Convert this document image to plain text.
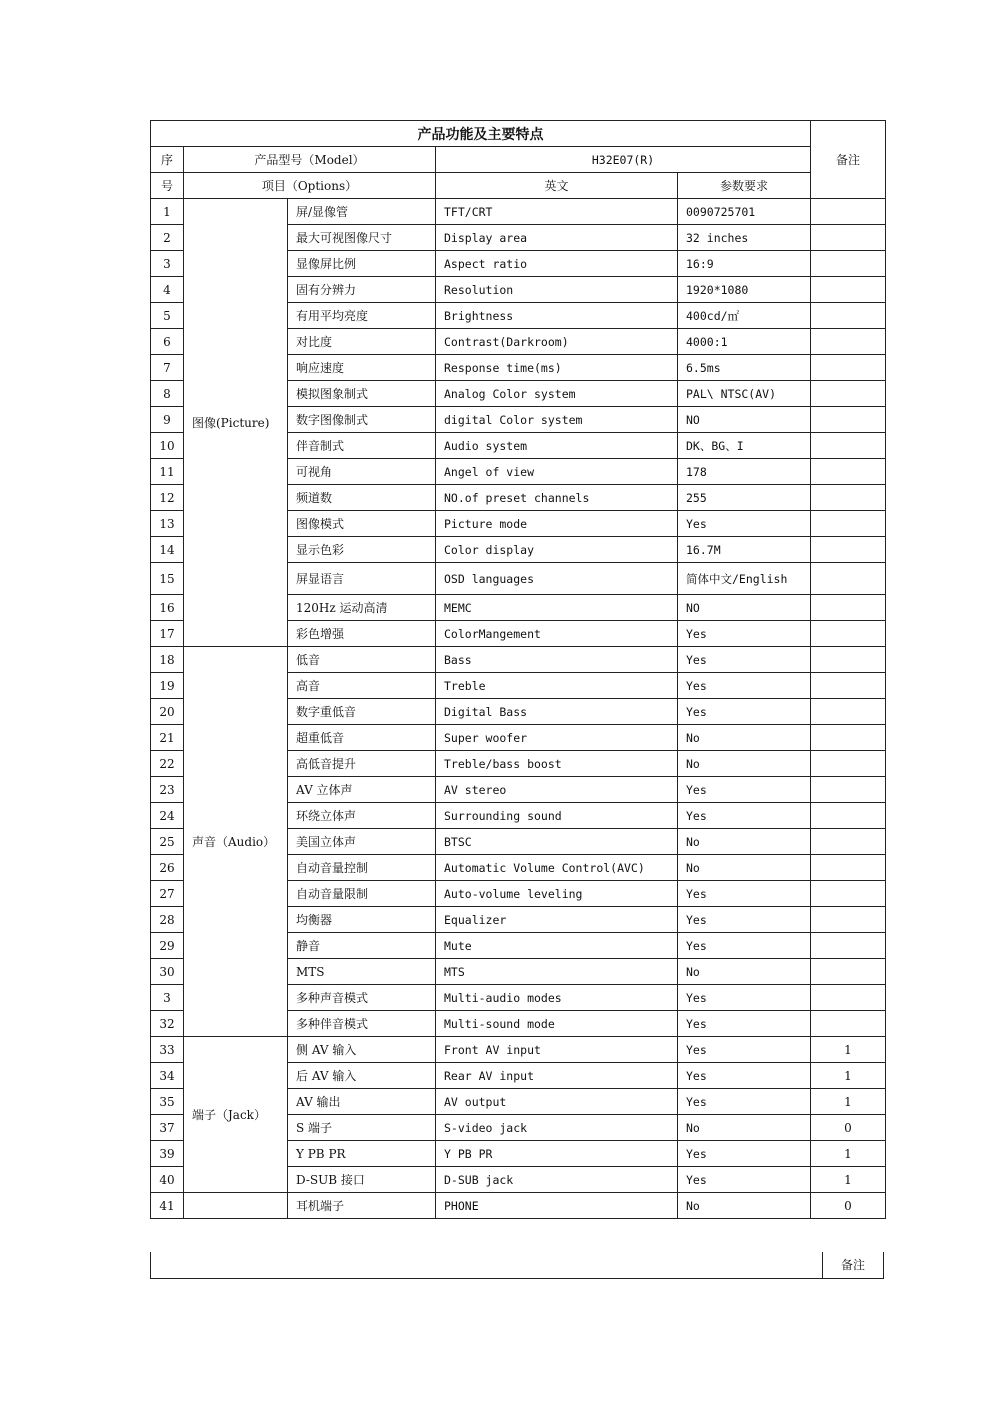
产品功能及主要特点					备注
序	产品型号（Model）		H32E07(R)		
号	项目（Options）		英文	参数要求	
1	图像(Picture)	屏/显像管	TFT/CRT	0090725701	
2		最大可视图像尺寸	Display area	32 inches	
3		显像屏比例	Aspect ratio	16:9	
4		固有分辨力	Resolution	1920*1080	
5		有用平均亮度	Brightness	400cd/㎡	
6		对比度	Contrast(Darkroom)	4000:1	
7		响应速度	Response time(ms)	6.5ms	
8		模拟图象制式	Analog Color system	PAL\ NTSC(AV)	
9		数字图像制式	digital Color system	NO	
10		伴音制式	Audio system	DK、BG、I	
11		可视角	Angel of view	178	
12		频道数	NO.of preset channels	255	
13		图像模式	Picture mode	Yes	
14		显示色彩	Color display	16.7M	
15		屏显语言	OSD languages	简体中文/English	
16		120Hz 运动高清	MEMC	NO	
17		彩色增强	ColorMangement	Yes	
18	声音（Audio）	低音	Bass	Yes	
19		高音	Treble	Yes	
20		数字重低音	Digital Bass	Yes	
21		超重低音	Super woofer	No	
22		高低音提升	Treble/bass boost	No	
23		AV 立体声	AV stereo	Yes	
24		环绕立体声	Surrounding sound	Yes	
25		美国立体声	BTSC	No	
26		自动音量控制	Automatic Volume Control(AVC)	No	
27		自动音量限制	Auto-volume leveling	Yes	
28		均衡器	Equalizer	Yes	
29		静音	Mute	Yes	
30		MTS	MTS	No	
3		多种声音模式	Multi-audio modes	Yes	
32		多种伴音模式	Multi-sound mode	Yes	
33	端子（Jack）	侧 AV 输入	Front AV input	Yes	1
34		后 AV 输入	Rear AV input	Yes	1
35		AV 输出	AV output	Yes	1
37		S 端子	S-video jack	No	0
39		Y PB PR	Y PB PR	Yes	1
40		D-SUB 接口	D-SUB jack	Yes	1
41		耳机端子	PHONE	No	0
备注
